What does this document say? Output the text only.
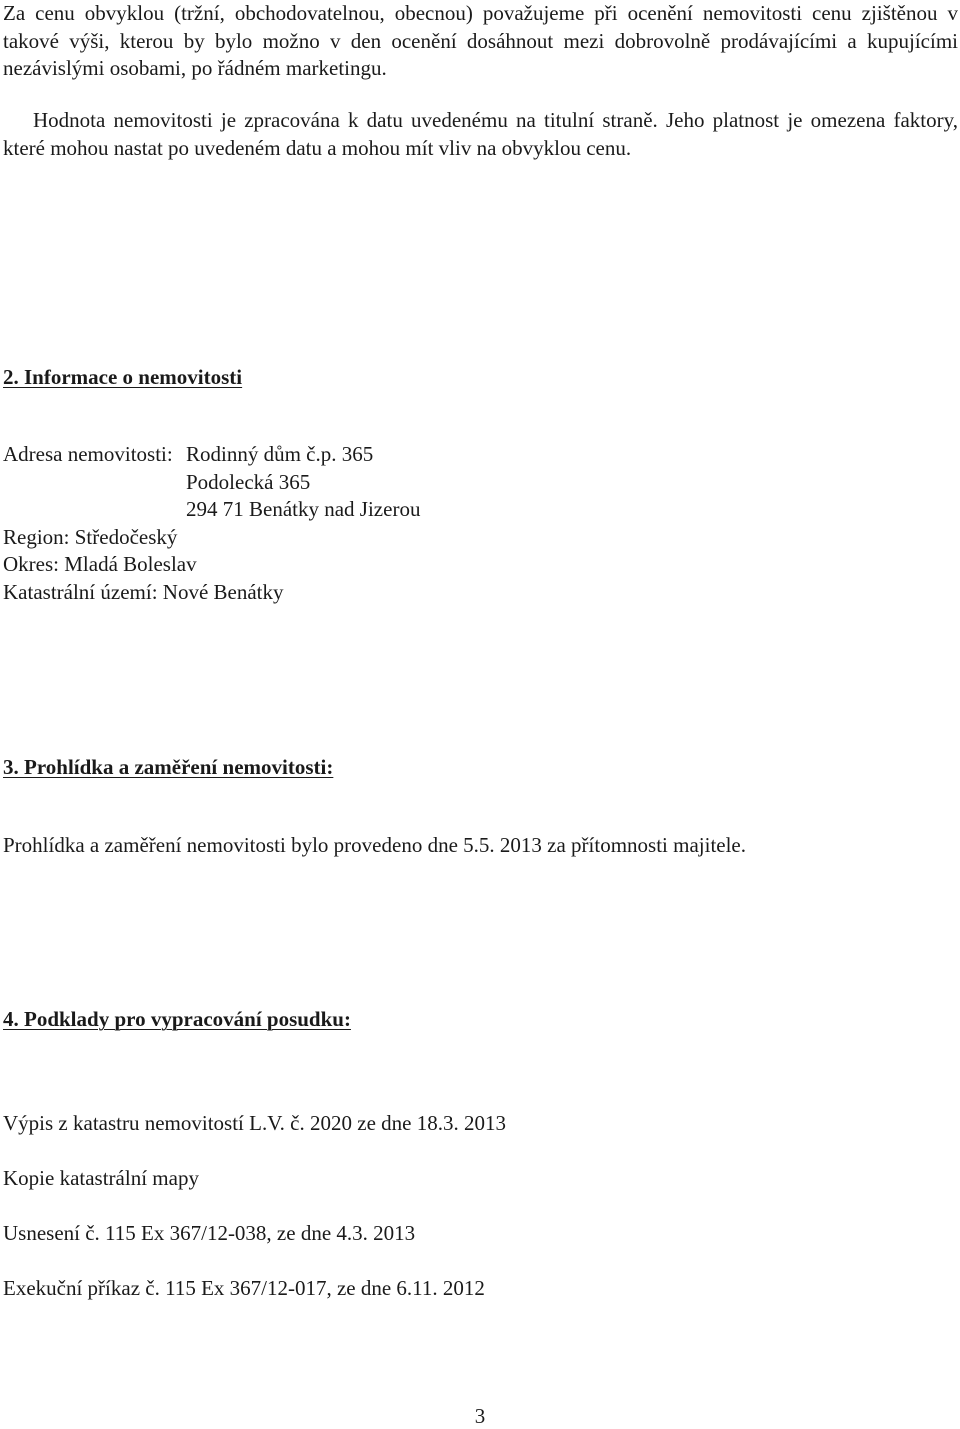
Za cenu obvyklou (tržní, obchodovatelnou, obecnou) považujeme při ocenění nemovitosti cenu zjištěnou v takové výši, kterou by bylo možno v den ocenění dosáhnout mezi dobrovolně prodávajícími a kupujícími nezávislými osobami, po řádném marketingu.

Hodnota nemovitosti je zpracována k datu uvedenému na titulní straně. Jeho platnost je omezena faktory, které mohou nastat po uvedeném datu a mohou mít vliv na obvyklou cenu.

2. Informace o nemovitosti
Adresa nemovitosti: Rodinný dům č.p. 365
Podolecká 365
294 71 Benátky nad Jizerou
Region: Středočeský
Okres: Mladá Boleslav
Katastrální území: Nové Benátky
3. Prohlídka a zaměření nemovitosti:
Prohlídka a zaměření nemovitosti bylo provedeno dne 5.5. 2013 za přítomnosti majitele.
4. Podklady pro vypracování posudku:
Výpis z katastru nemovitostí L.V. č. 2020 ze dne 18.3. 2013
Kopie katastrální mapy
Usnesení č. 115 Ex 367/12-038, ze dne 4.3. 2013
Exekuční příkaz č. 115 Ex 367/12-017, ze dne 6.11. 2012
3
